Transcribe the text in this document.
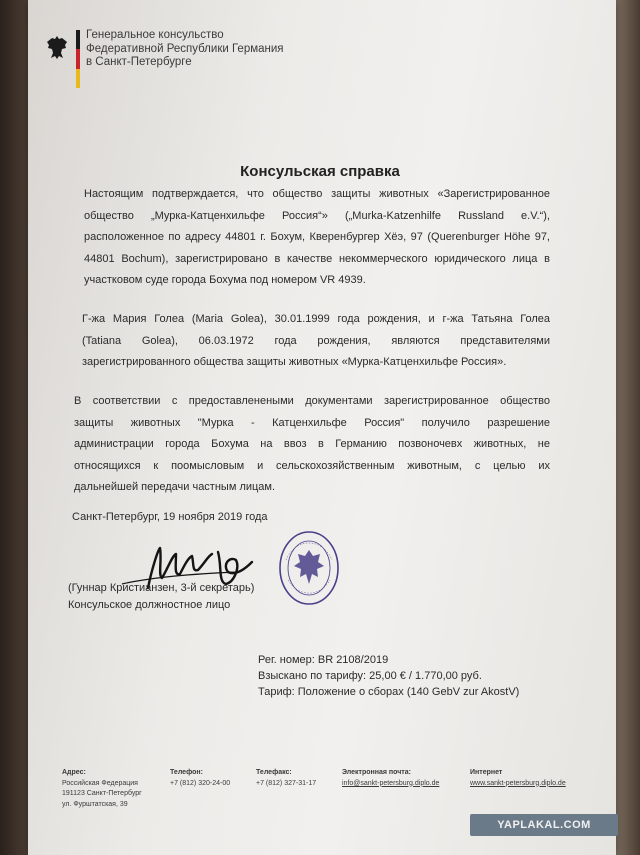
Генеральное консульство
Федеративной Республики Германия
в Санкт-Петербурге
Консульская справка
Настоящим подтверждается, что общество защиты животных «Зарегистрированное
общество „Мурка-Катценхильфе Россия“» („Murka-Katzenhilfe Russland e.V.“),
расположенное по адресу 44801 г. Бохум, Кверенбургер Хёэ, 97 (Querenburger Höhe 97,
44801 Bochum), зарегистрировано в качестве некоммерческого юридического лица в
участковом суде города Бохума под номером VR 4939.
Г-жа Мария Голеа (Maria Golea), 30.01.1999 года рождения, и г-жа Татьяна Голеа
(Tatiana Golea), 06.03.1972 года рождения, являются представителями
зарегистрированного общества защиты животных «Мурка-Катценхильфе Россия».
В соответствии с предоставленеными документами зарегистрированное общество
защиты животных "Мурка - Катценхильфе Россия" получило разрешение
администрации города Бохума на ввоз в Германию позвоночевх животных, не
относящихся к поомысловым и сельскохозяйственным животным, с целью их
дальнейшей передачи частным лицам.
Санкт-Петербург, 19 ноября 2019 года
(Гуннар Кристианзен, 3-й секретарь)
Консульское должностное лицо
Рег. номер: BR 2108/2019
Взыскано по тарифу: 25,00 € / 1.770,00 руб.
Тариф: Положение о сборах (140 GebV zur AkostV)
Адрес:
Российская Федерация
191123 Санкт-Петербург
ул. Фурштатская, 39
Телефон:
+7 (812) 320-24-00
Телефакс:
+7 (812) 327-31-17
Электронная почта:
info@sankt-petersburg.diplo.de
Интернет
www.sankt-petersburg.diplo.de
YAPLAKAL.COM
